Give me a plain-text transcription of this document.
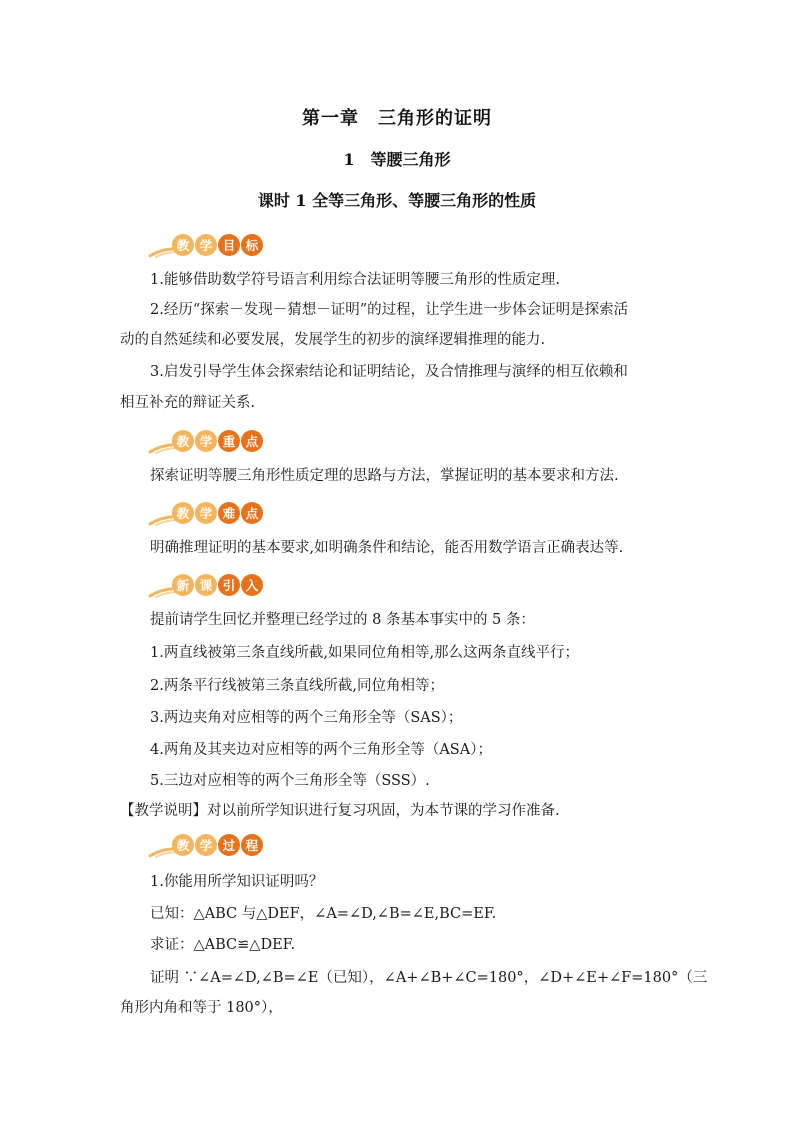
第一章　三角形的证明
1　等腰三角形
课时 1 全等三角形、等腰三角形的性质
教 学 目 标
1.能够借助数学符号语言利用综合法证明等腰三角形的性质定理.
2.经历“探索－发现－猜想－证明”的过程，让学生进一步体会证明是探索活
动的自然延续和必要发展，发展学生的初步的演绎逻辑推理的能力.
3.启发引导学生体会探索结论和证明结论，及合情推理与演绎的相互依赖和
相互补充的辩证关系.
教 学 重 点
探索证明等腰三角形性质定理的思路与方法，掌握证明的基本要求和方法.
教 学 难 点
明确推理证明的基本要求,如明确条件和结论，能否用数学语言正确表达等.
新 课 引 入
提前请学生回忆并整理已经学过的 8 条基本事实中的 5 条：
1.两直线被第三条直线所截,如果同位角相等,那么这两条直线平行；
2.两条平行线被第三条直线所截,同位角相等；
3.两边夹角对应相等的两个三角形全等（SAS）；
4.两角及其夹边对应相等的两个三角形全等（ASA）；
5.三边对应相等的两个三角形全等（SSS）.
【教学说明】对以前所学知识进行复习巩固，为本节课的学习作准备.
教 学 过 程
1.你能用所学知识证明吗？
已知：△ABC 与△DEF，∠A=∠D,∠B=∠E,BC=EF.
求证：△ABC≌△DEF.
证明 ∵∠A=∠D,∠B=∠E（已知），∠A+∠B+∠C=180°，∠D+∠E+∠F=180°（三
角形内角和等于 180°），
